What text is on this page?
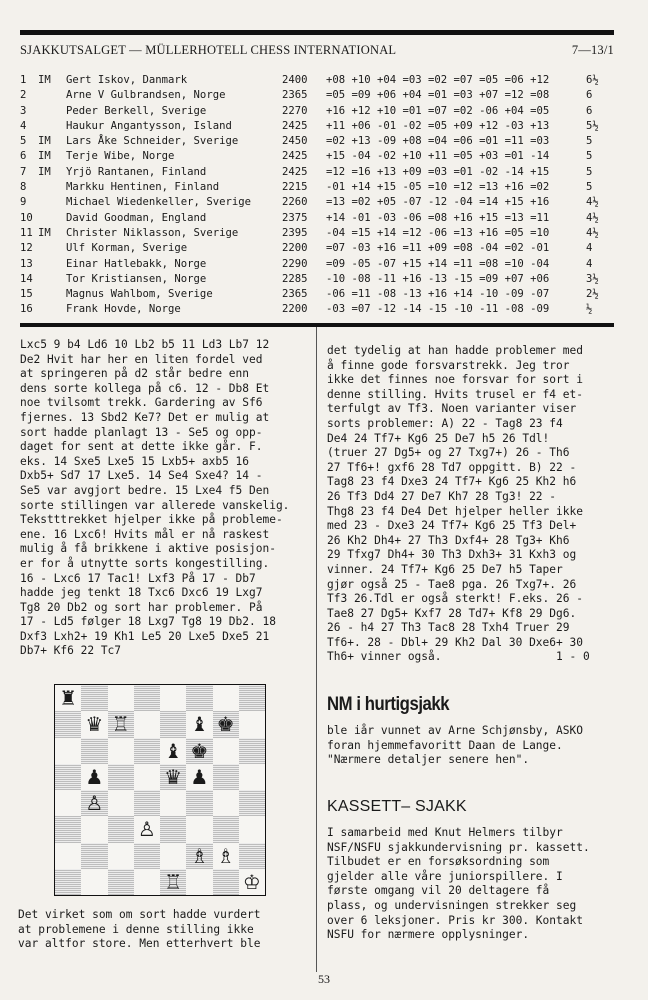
SJAKKUTSALGET — MÜLLERHOTELL CHESS INTERNATIONAL	7—13/1
1	IM	Gert Iskov, Danmark	2400	+08 +10 +04 =03 =02 =07 =05 =06 +12	6½
2		Arne V Gulbrandsen, Norge	2365	=05 =09 +06 +04 =01 =03 +07 =12 =08	6
3		Peder Berkell, Sverige	2270	+16 +12 +10 =01 =07 =02 -06 +04 =05	6
4		Haukur Angantysson, Island	2425	+11 +06 -01 -02 =05 +09 +12 -03 +13	5½
5	IM	Lars Åke Schneider, Sverige	2450	=02 +13 -09 +08 =04 =06 =01 =11 =03	5
6	IM	Terje Wibe, Norge	2425	+15 -04 -02 +10 +11 =05 +03 =01 -14	5
7	IM	Yrjö Rantanen, Finland	2425	=12 =16 +13 +09 =03 =01 -02 -14 +15	5
8		Markku Hentinen, Finland	2215	-01 +14 +15 -05 =10 =12 =13 +16 =02	5
9		Michael Wiedenkeller, Sverige	2260	=13 =02 +05 -07 -12 -04 =14 +15 +16	4½
10		David Goodman, England	2375	+14 -01 -03 -06 =08 +16 +15 =13 =11	4½
11	IM	Christer Niklasson, Sverige	2395	-04 =15 +14 =12 -06 =13 +16 =05 =10	4½
12		Ulf Korman, Sverige	2200	=07 -03 +16 =11 +09 =08 -04 =02 -01	4
13		Einar Hatlebakk, Norge	2290	=09 -05 -07 +15 +14 =11 =08 =10 -04	4
14		Tor Kristiansen, Norge	2285	-10 -08 -11 +16 -13 -15 =09 +07 +06	3½
15		Magnus Wahlbom, Sverige	2365	-06 =11 -08 -13 +16 +14 -10 -09 -07	2½
16		Frank Hovde, Norge	2200	-03 =07 -12 -14 -15 -10 -11 -08 -09	½
Lxc5 9 b4 Ld6 10 Lb2 b5 11 Ld3 Lb7 12
De2 Hvit har her en liten fordel ved
at springeren på d2 står bedre enn
dens sorte kollega på c6. 12 - Db8 Et
noe tvilsomt trekk. Gardering av Sf6
fjernes. 13 Sbd2 Ke7? Det er mulig at
sort hadde planlagt 13 - Se5 og opp-
daget for sent at dette ikke går. F.
eks. 14 Sxe5 Lxe5 15 Lxb5+ axb5 16
Dxb5+ Sd7 17 Lxe5. 14 Se4 Sxe4? 14 -
Se5 var avgjort bedre. 15 Lxe4 f5 Den
sorte stillingen var allerede vanskelig.
Tekstttrekket hjelper ikke på probleme-
ene. 16 Lxc6! Hvits mål er nå raskest
mulig å få brikkene i aktive posisjon-
er for å utnytte sorts kongestilling.
16 - Lxc6 17 Tac1! Lxf3 På 17 - Db7
hadde jeg tenkt 18 Txc6 Dxc6 19 Lxg7
Tg8 20 Db2 og sort har problemer. På
17 - Ld5 følger 18 Lxg7 Tg8 19 Db2. 18
Dxf3 Lxh2+ 19 Kh1 Le5 20 Lxe5 Dxe5 21
Db7+ Kf6 22 Tc7
♜
♛ ♖	♝ ♚
♝ ♚
♟	♛ ♟
♙
♙
♗ ♗
♖	♔
Det virket som om sort hadde vurdert
at problemene i denne stilling ikke
var altfor store. Men etterhvert ble
det tydelig at han hadde problemer med
å finne gode forsvarstrekk. Jeg tror
ikke det finnes noe forsvar for sort i
denne stilling. Hvits trusel er f4 et-
terfulgt av Tf3. Noen varianter viser
sorts problemer: A) 22 - Tag8 23 f4
De4 24 Tf7+ Kg6 25 De7 h5 26 Tdl!
(truer 27 Dg5+ og 27 Txg7+) 26 - Th6
27 Tf6+! gxf6 28 Td7 oppgitt. B) 22 -
Tag8 23 f4 Dxe3 24 Tf7+ Kg6 25 Kh2 h6
26 Tf3 Dd4 27 De7 Kh7 28 Tg3! 22 -
Thg8 23 f4 De4 Det hjelper heller ikke
med 23 - Dxe3 24 Tf7+ Kg6 25 Tf3 Del+
26 Kh2 Dh4+ 27 Th3 Dxf4+ 28 Tg3+ Kh6
29 Tfxg7 Dh4+ 30 Th3 Dxh3+ 31 Kxh3 og
vinner. 24 Tf7+ Kg6 25 De7 h5 Taper
gjør også 25 - Tae8 pga. 26 Txg7+. 26
Tf3 26.Tdl er også sterkt! F.eks. 26 -
Tae8 27 Dg5+ Kxf7 28 Td7+ Kf8 29 Dg6.
26 - h4 27 Th3 Tac8 28 Txh4 Truer 29
Tf6+. 28 - Dbl+ 29 Kh2 Dal 30 Dxe6+ 30
Th6+ vinner også.                 1 - 0
NM i hurtigsjakk
ble iår vunnet av Arne Schjønsby, ASKO
foran hjemmefavoritt Daan de Lange.
"Nærmere detaljer senere hen".
KASSETT– SJAKK
I samarbeid med Knut Helmers tilbyr
NSF/NSFU sjakkundervisning pr. kassett.
Tilbudet er en forsøksordning som
gjelder alle våre juniorspillere. I
første omgang vil 20 deltagere få
plass, og undervisningen strekker seg
over 6 leksjoner. Pris kr 300. Kontakt
NSFU for nærmere opplysninger.
53
